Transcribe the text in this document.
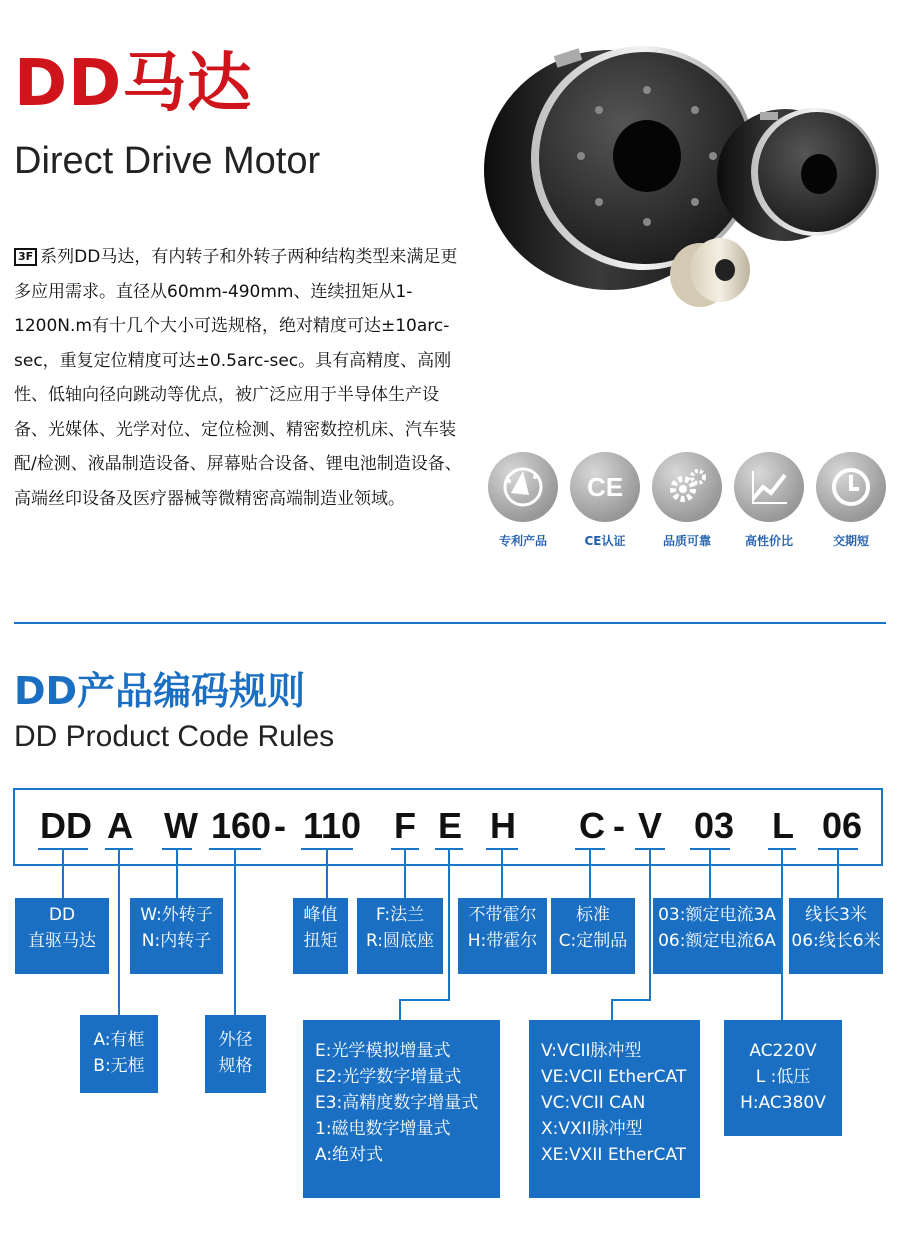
DD马达
Direct Drive Motor

3F 系列DD马达，有内转子和外转子两种结构类型来满足更多应用需求。直径从60mm-490mm、连续扭矩从1-1200N.m有十几个大小可选规格，绝对精度可达±10arc-sec，重复定位精度可达±0.5arc-sec。具有高精度、高刚性、低轴向径向跳动等优点，被广泛应用于半导体生产设备、光媒体、光学对位、定位检测、精密数控机床、汽车装配/检测、液晶制造设备、屏幕贴合设备、锂电池制造设备、高端丝印设备及医疗器械等微精密高端制造业领域。

专利产品
CE
CE认证	品质可靠	高性价比	交期短
DD产品编码规则
DD Product Code Rules
DD A W 160 - 110 F E H C - V 03 L 06
DD
直驱马达
W:外转子
N:内转子
峰值
扭矩
F:法兰
R:圆底座
不带霍尔
H:带霍尔
标准
C:定制品
03:额定电流3A
06:额定电流6A
线长3米
06:线长6米
A:有框
B:无框
外径
规格
E:光学模拟增量式
E2:光学数字增量式
E3:高精度数字增量式
1:磁电数字增量式
A:绝对式
V:VCII脉冲型
VE:VCII EtherCAT
VC:VCII CAN
X:VXII脉冲型
XE:VXII EtherCAT
AC220V
L :低压
H:AC380V
